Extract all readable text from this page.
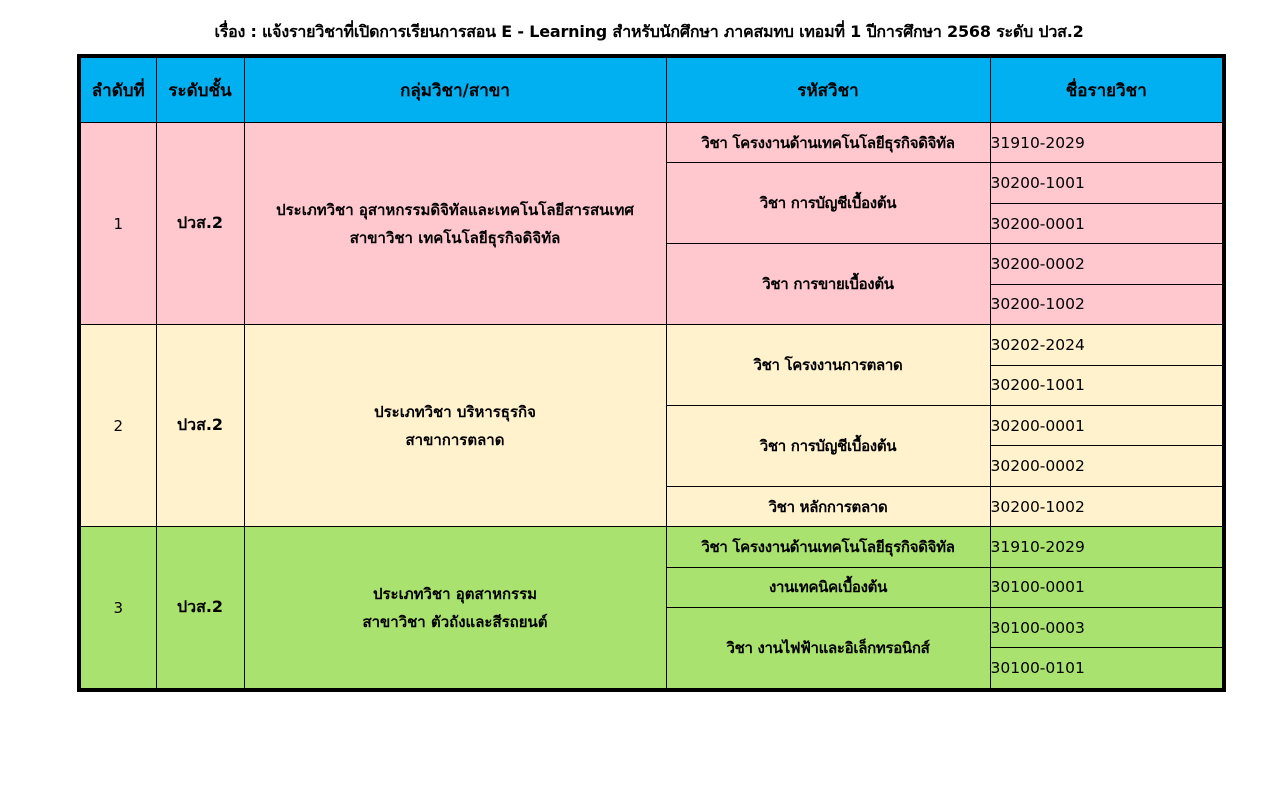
เรื่อง : แจ้งรายวิชาที่เปิดการเรียนการสอน E - Learning สำหรับนักศึกษา ภาคสมทบ เทอมที่ 1 ปีการศึกษา 2568 ระดับ ปวส.2
ลำดับที่	ระดับชั้น	กลุ่มวิชา/สาขา	รหัสวิชา	ชื่อรายวิชา
1	ปวส.2	ประเภทวิชา อุสาหกรรมดิจิทัลและเทคโนโลยีสารสนเทศ
สาขาวิชา เทคโนโลยีธุรกิจดิจิทัล	วิชา โครงงานด้านเทคโนโลยีธุรกิจดิจิทัล	31910-2029
			วิชา การบัญชีเบื้องต้น	30200-1001
				30200-0001
			วิชา การขายเบื้องต้น	30200-0002
				30200-1002
2	ปวส.2	ประเภทวิชา บริหารธุรกิจ
สาขาการตลาด	วิชา โครงงานการตลาด	30202-2024
				30200-1001
			วิชา การบัญชีเบื้องต้น	30200-0001
				30200-0002
			วิชา หลักการตลาด	30200-1002
3	ปวส.2	ประเภทวิชา อุตสาหกรรม
สาขาวิชา ตัวถังและสีรถยนต์	วิชา โครงงานด้านเทคโนโลยีธุรกิจดิจิทัล	31910-2029
			งานเทคนิคเบื้องต้น	30100-0001
			วิชา งานไฟฟ้าและอิเล็กทรอนิกส์	30100-0003
				30100-0101
